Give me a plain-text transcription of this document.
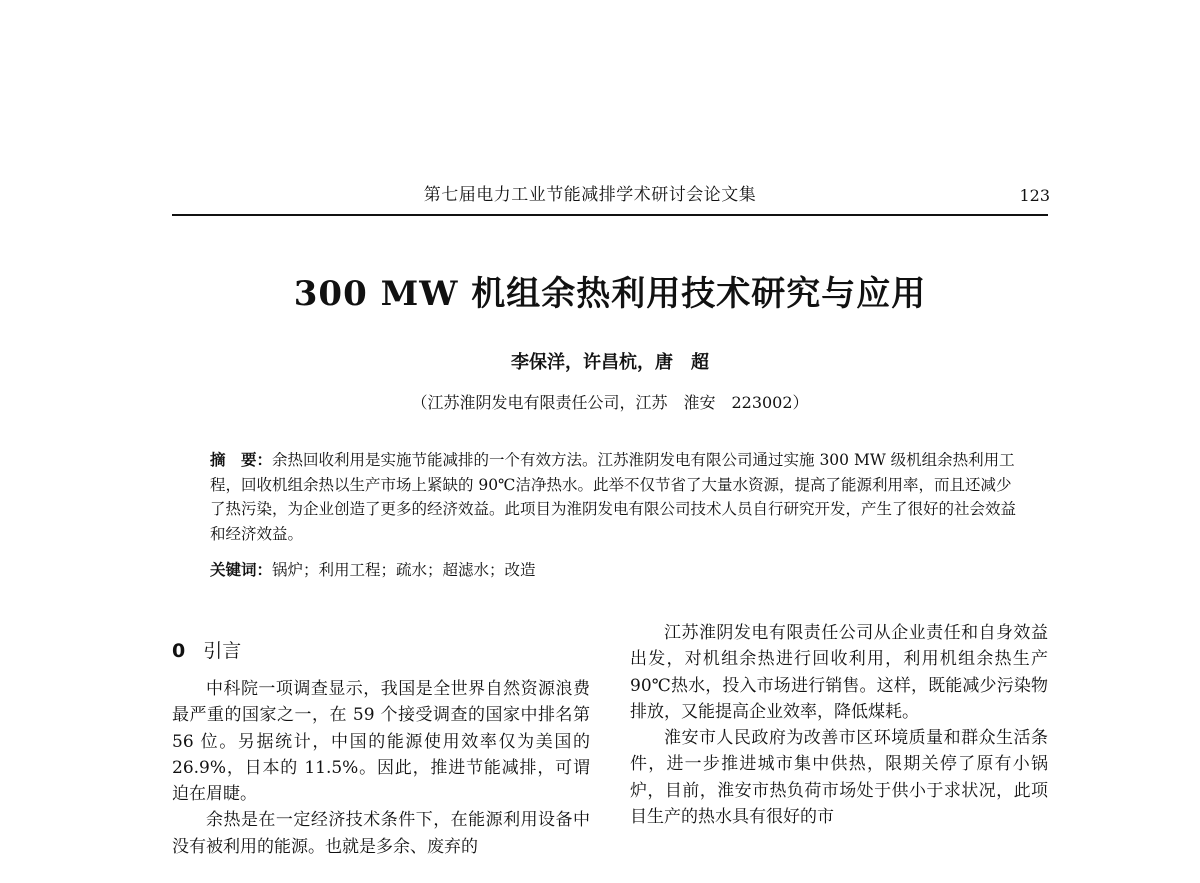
第七届电力工业节能减排学术研讨会论文集	123
300 MW 机组余热利用技术研究与应用
李保洋，许昌杭，唐　超
（江苏淮阴发电有限责任公司，江苏　淮安　223002）
摘　要：余热回收利用是实施节能减排的一个有效方法。江苏淮阴发电有限公司通过实施 300 MW 级机组余热利用工程，回收机组余热以生产市场上紧缺的 90℃洁净热水。此举不仅节省了大量水资源，提高了能源利用率，而且还减少了热污染，为企业创造了更多的经济效益。此项目为淮阴发电有限公司技术人员自行研究开发，产生了很好的社会效益和经济效益。
关键词：锅炉；利用工程；疏水；超滤水；改造
0 引言

中科院一项调查显示，我国是全世界自然资源浪费最严重的国家之一，在 59 个接受调查的国家中排名第 56 位。另据统计，中国的能源使用效率仅为美国的 26.9%，日本的 11.5%。因此，推进节能减排，可谓迫在眉睫。

余热是在一定经济技术条件下，在能源利用设备中没有被利用的能源。也就是多余、废弃的

江苏淮阴发电有限责任公司从企业责任和自身效益出发，对机组余热进行回收利用，利用机组余热生产 90℃热水，投入市场进行销售。这样，既能减少污染物排放，又能提高企业效率，降低煤耗。

淮安市人民政府为改善市区环境质量和群众生活条件，进一步推进城市集中供热，限期关停了原有小锅炉，目前，淮安市热负荷市场处于供小于求状况，此项目生产的热水具有很好的市
